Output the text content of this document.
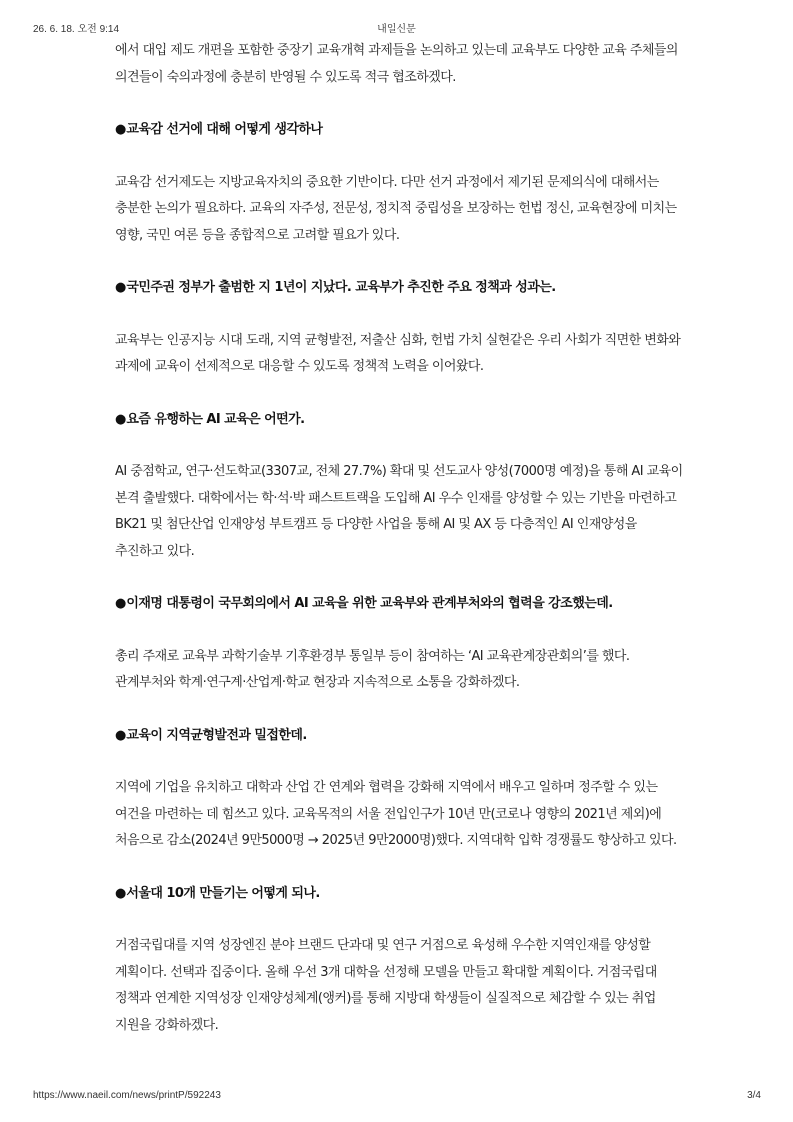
26. 6. 18. 오전 9:14	내일신문

에서 대입 제도 개편을 포함한 중장기 교육개혁 과제들을 논의하고 있는데 교육부도 다양한 교육 주체들의 의견들이 숙의과정에 충분히 반영될 수 있도록 적극 협조하겠다.

●교육감 선거에 대해 어떻게 생각하나

교육감 선거제도는 지방교육자치의 중요한 기반이다. 다만 선거 과정에서 제기된 문제의식에 대해서는 충분한 논의가 필요하다. 교육의 자주성, 전문성, 정치적 중립성을 보장하는 헌법 정신, 교육현장에 미치는 영향, 국민 여론 등을 종합적으로 고려할 필요가 있다.

●국민주권 정부가 출범한 지 1년이 지났다. 교육부가 추진한 주요 정책과 성과는.

교육부는 인공지능 시대 도래, 지역 균형발전, 저출산 심화, 헌법 가치 실현같은 우리 사회가 직면한 변화와 과제에 교육이 선제적으로 대응할 수 있도록 정책적 노력을 이어왔다.

●요즘 유행하는 AI 교육은 어떤가.

AI 중점학교, 연구·선도학교(3307교, 전체 27.7%) 확대 및 선도교사 양성(7000명 예정)을 통해 AI 교육이 본격 출발했다. 대학에서는 학·석·박 패스트트랙을 도입해 AI 우수 인재를 양성할 수 있는 기반을 마련하고 BK21 및 첨단산업 인재양성 부트캠프 등 다양한 사업을 통해 AI 및 AX 등 다층적인 AI 인재양성을 추진하고 있다.

●이재명 대통령이 국무회의에서 AI 교육을 위한 교육부와 관계부처와의 협력을 강조했는데.

총리 주재로 교육부 과학기술부 기후환경부 통일부 등이 참여하는 ‘AI 교육관계장관회의’를 했다. 관계부처와 학계·연구계·산업계·학교 현장과 지속적으로 소통을 강화하겠다.

●교육이 지역균형발전과 밀접한데.

지역에 기업을 유치하고 대학과 산업 간 연계와 협력을 강화해 지역에서 배우고 일하며 정주할 수 있는 여건을 마련하는 데 힘쓰고 있다. 교육목적의 서울 전입인구가 10년 만(코로나 영향의 2021년 제외)에 처음으로 감소(2024년 9만5000명 → 2025년 9만2000명)했다. 지역대학 입학 경쟁률도 향상하고 있다.

●서울대 10개 만들기는 어떻게 되나.

거점국립대를 지역 성장엔진 분야 브랜드 단과대 및 연구 거점으로 육성해 우수한 지역인재를 양성할 계획이다. 선택과 집중이다. 올해 우선 3개 대학을 선정해 모델을 만들고 확대할 계획이다. 거점국립대 정책과 연계한 지역성장 인재양성체계(앵커)를 통해 지방대 학생들이 실질적으로 체감할 수 있는 취업 지원을 강화하겠다.

https://www.naeil.com/news/printP/592243	3/4
